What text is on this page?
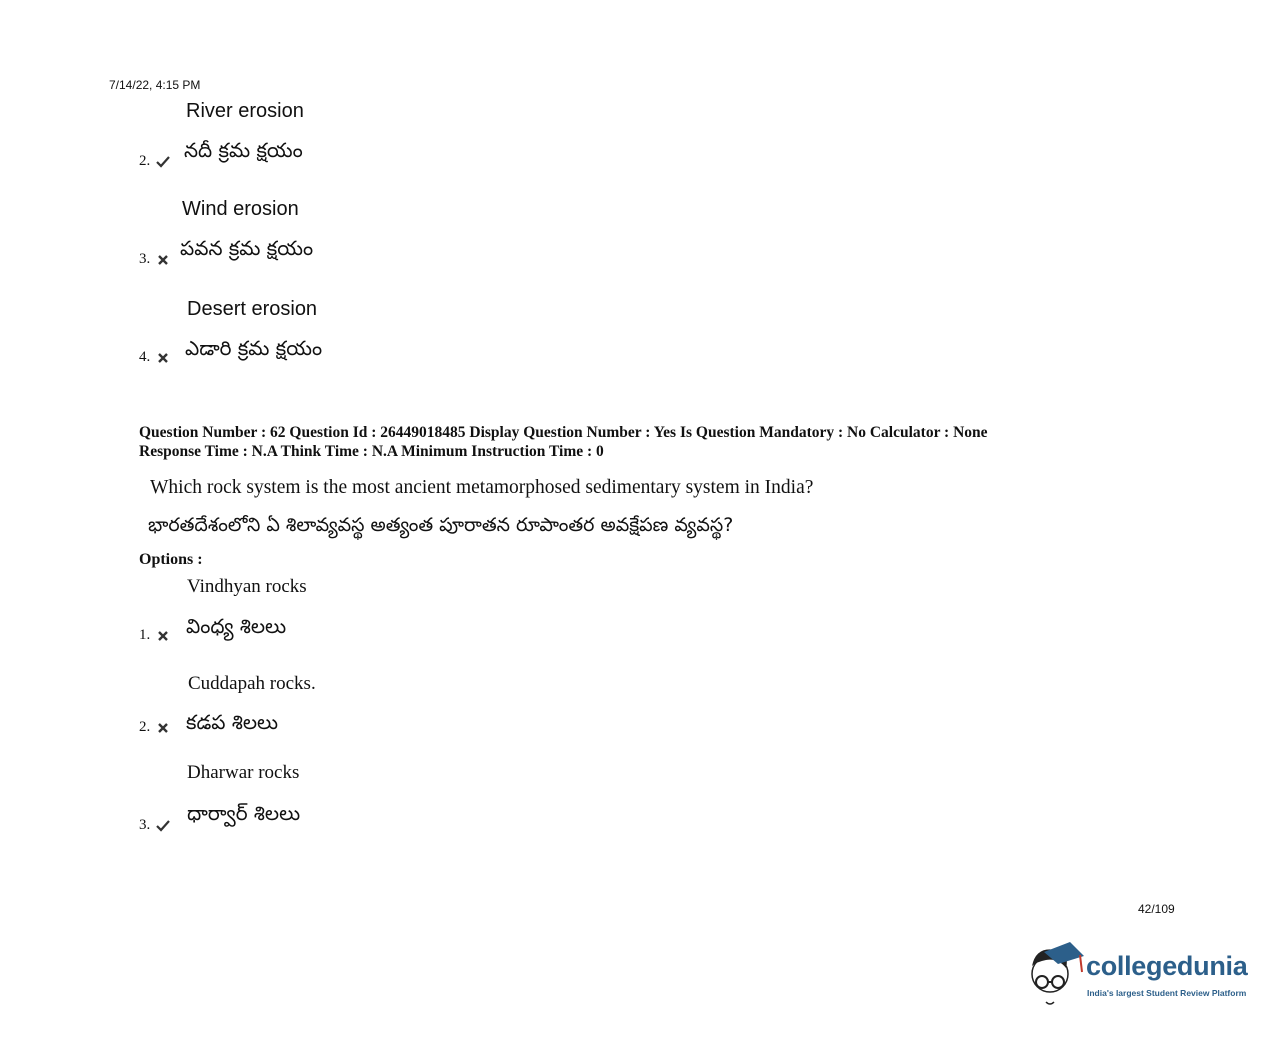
7/14/22, 4:15 PM
River erosion
2. నదీ క్రమ క్షయం
Wind erosion
3. పవన క్రమ క్షయం
Desert erosion
4. ఎడారి క్రమ క్షయం
Question Number : 62 Question Id : 26449018485 Display Question Number : Yes Is Question Mandatory : No Calculator : None
Response Time : N.A Think Time : N.A Minimum Instruction Time : 0
Which rock system is the most ancient metamorphosed sedimentary system in India?
భారతదేశంలోని ఏ శిలావ్యవస్థ అత్యంత పూరాతన రూపాంతర అవక్షేపణ వ్యవస్థ?
Options :
Vindhyan rocks
1. వింధ్య శిలలు
Cuddapah rocks.
2. కడప శిలలు
Dharwar rocks
3. ధార్వార్ శిలలు
42/109
collegedunia
India's largest Student Review Platform
